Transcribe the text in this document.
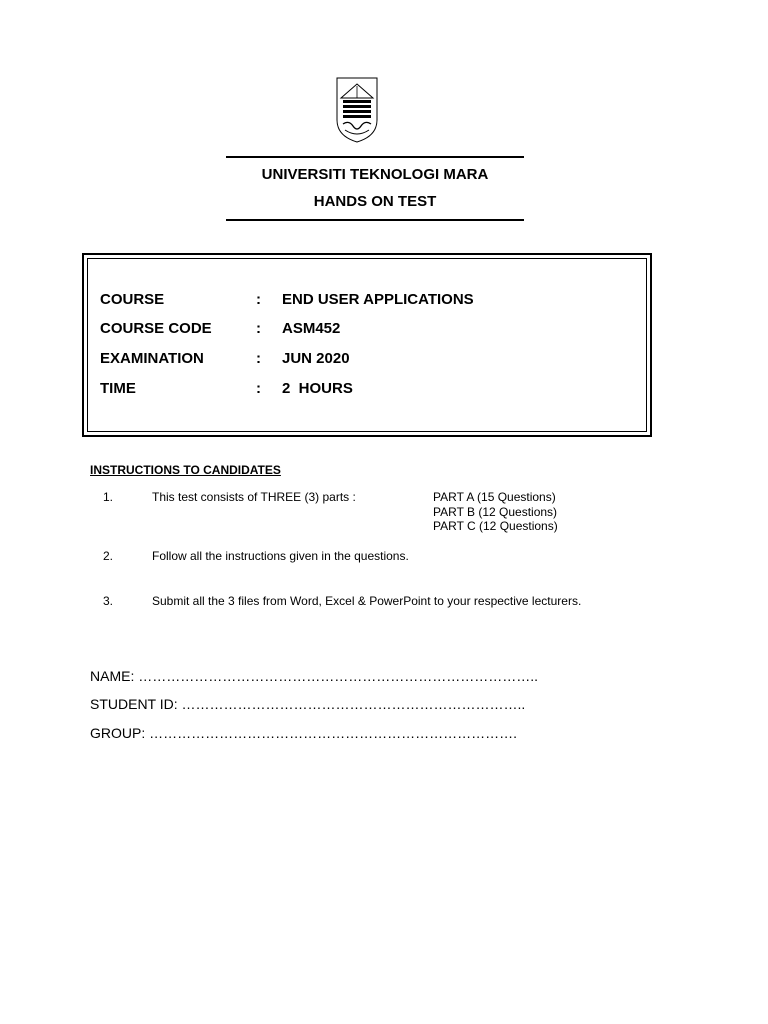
UNIVERSITI TEKNOLOGI MARA
HANDS ON TEST
COURSE	: END USER APPLICATIONS
COURSE CODE	: ASM452
EXAMINATION	: JUN 2020
TIME	: 2  HOURS
INSTRUCTIONS TO CANDIDATES
1.	This test consists of THREE (3) parts :	PART A (15 Questions)
PART B (12 Questions)
PART C (12 Questions)
2.	Follow all the instructions given in the questions.
3.	Submit all the 3 files from Word, Excel & PowerPoint to your respective lecturers.
NAME: …………………………………………………………………………..
STUDENT ID: ………………………………………………………………..
GROUP: …………………………………………………………………….
